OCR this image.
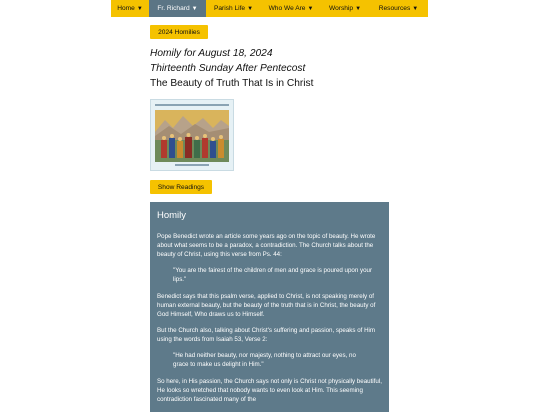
Home ▼ Fr. Richard ▼ Parish Life ▼ Who We Are ▼ Worship ▼	Resources ▼
2024 Homilies
Homily for August 18, 2024
Thirteenth Sunday After Pentecost
The Beauty of Truth That Is in Christ
Show Readings
Homily

Pope Benedict wrote an article some years ago on the topic of beauty. He wrote about what seems to be a paradox, a contradiction. The Church talks about the beauty of Christ, using this verse from Ps. 44:

"You are the fairest of the children of men and grace is poured upon your lips."

Benedict says that this psalm verse, applied to Christ, is not speaking merely of human external beauty, but the beauty of the truth that is in Christ, the beauty of God Himself, Who draws us to Himself.

But the Church also, talking about Christ's suffering and passion, speaks of Him using the words from Isaiah 53, Verse 2:

"He had neither beauty, nor majesty, nothing to attract our eyes, no grace to make us delight in Him."

So here, in His passion, the Church says not only is Christ not physically beautiful, He looks so wretched that nobody wants to even look at Him. This seeming contradiction fascinated many of the
